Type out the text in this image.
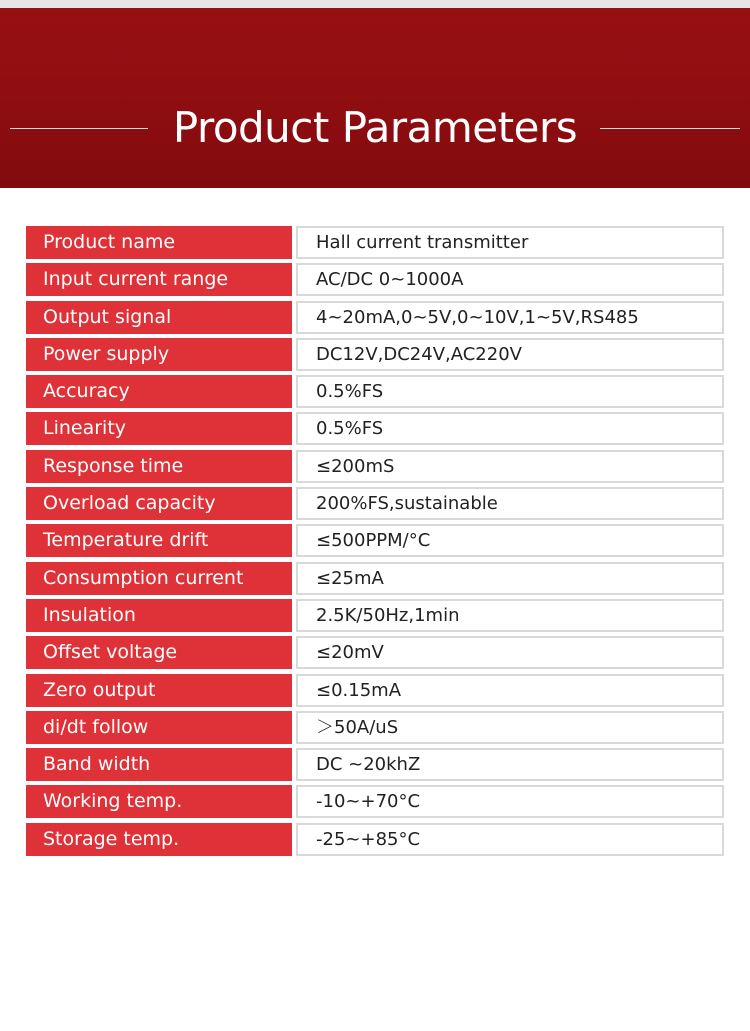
Product Parameters
Product name	Hall current transmitter
Input current range	AC/DC 0~1000A
Output signal	4~20mA,0~5V,0~10V,1~5V,RS485
Power supply	DC12V,DC24V,AC220V
Accuracy	0.5%FS
Linearity	0.5%FS
Response time	≤200mS
Overload capacity	200%FS,sustainable
Temperature drift	≤500PPM/°C
Consumption current	≤25mA
Insulation	2.5K/50Hz,1min
Offset voltage	≤20mV
Zero output	≤0.15mA
di/dt follow	＞50A/uS
Band width	DC ~20khZ
Working temp.	-10~+70°C
Storage temp.	-25~+85°C
